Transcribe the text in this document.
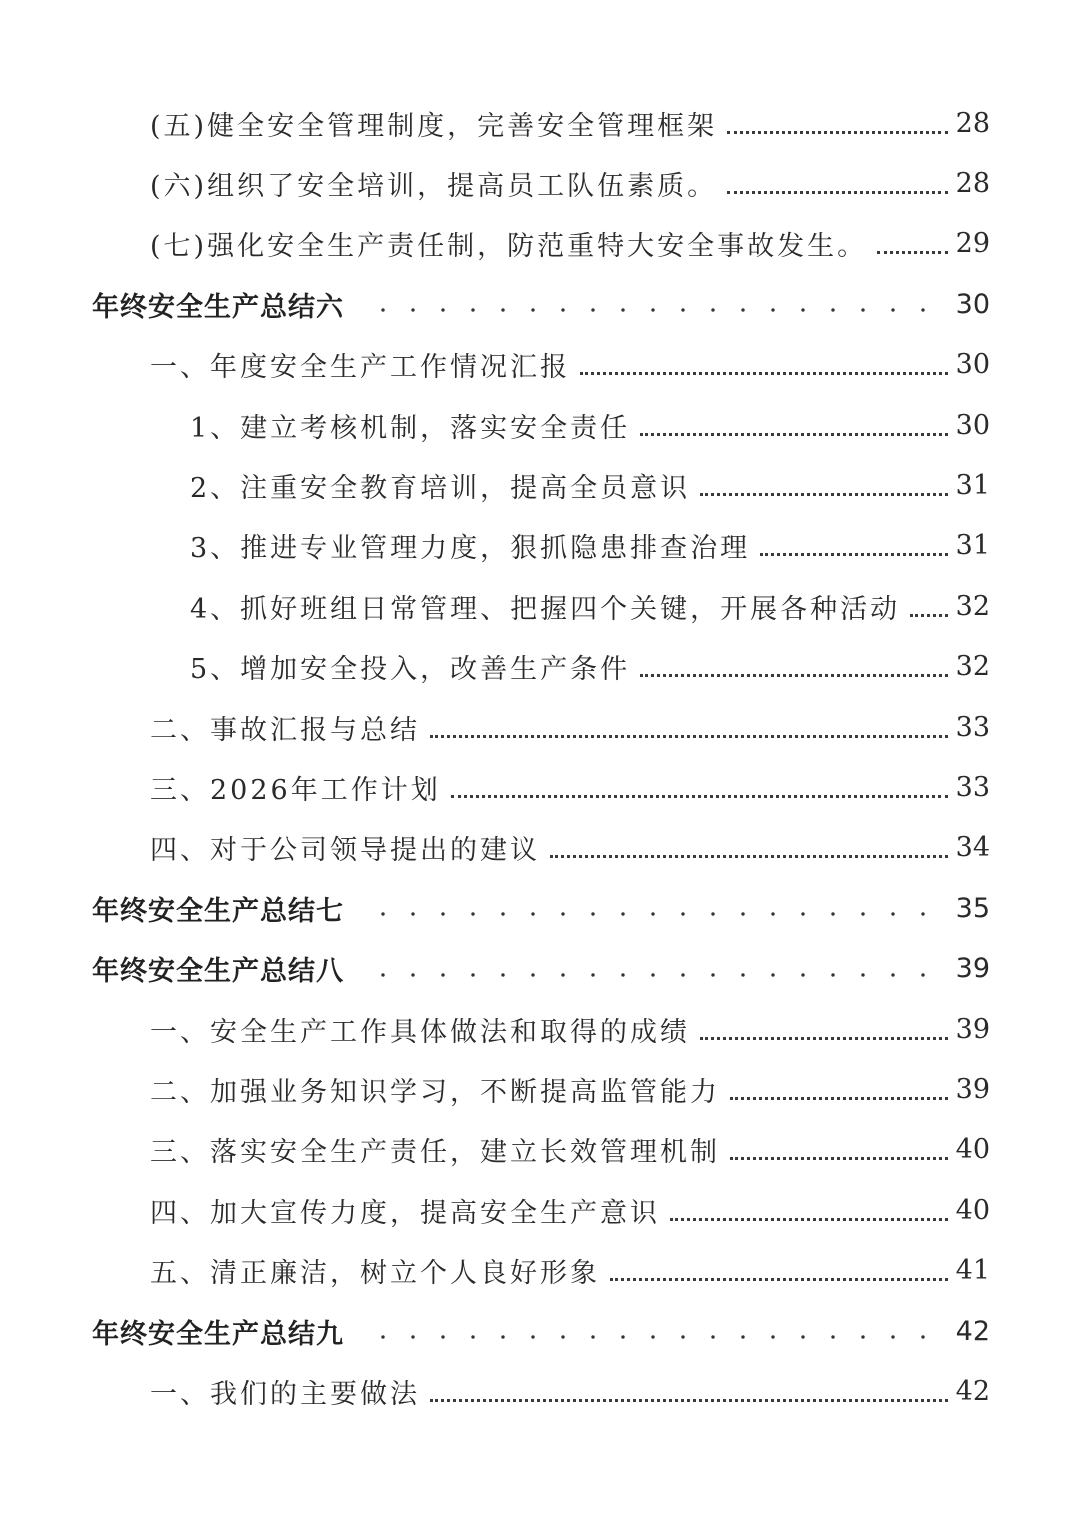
(五)健全安全管理制度，完善安全管理框架	28
(六)组织了安全培训，提高员工队伍素质。	28
(七)强化安全生产责任制，防范重特大安全事故发生。	29
年终安全生产总结六	30
一、年度安全生产工作情况汇报	30
1、建立考核机制，落实安全责任	30
2、注重安全教育培训，提高全员意识	31
3、推进专业管理力度，狠抓隐患排查治理	31
4、抓好班组日常管理、把握四个关键，开展各种活动 32
5、增加安全投入，改善生产条件	32
二、事故汇报与总结	33
三、2026年工作计划	33
四、对于公司领导提出的建议	34
年终安全生产总结七	35
年终安全生产总结八	39
一、安全生产工作具体做法和取得的成绩	39
二、加强业务知识学习，不断提高监管能力	39
三、落实安全生产责任，建立长效管理机制	40
四、加大宣传力度，提高安全生产意识	40
五、清正廉洁，树立个人良好形象	41
年终安全生产总结九	42
一、我们的主要做法	42
